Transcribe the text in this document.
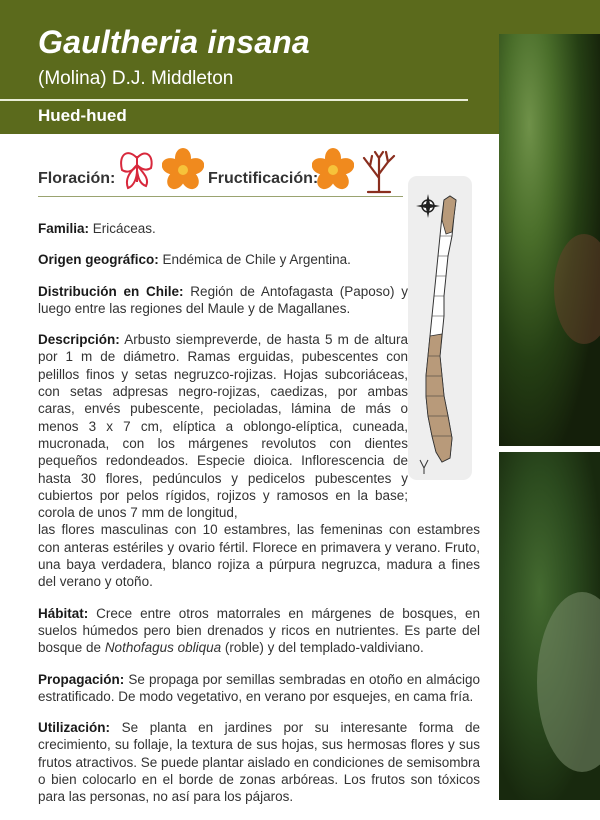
Gaultheria insana
(Molina) D.J. Middleton
Hued-hued
Floración:	Fructificación:

Familia: Ericáceas.

Origen geográfico: Endémica de Chile y Argentina.

Distribución en Chile: Región de Antofagasta (Paposo) y luego entre las regiones del Maule y de Magallanes.

Descripción: Arbusto siempreverde, de hasta 5 m de altura por 1 m de diámetro. Ramas erguidas, pubescentes con pelillos finos y setas negruzco-rojizas. Hojas subcoriáceas, con setas adpresas negro-rojizas, caedizas, por ambas caras, envés pubescente, pecioladas, lámina de más o menos 3 x 7 cm, elíptica a oblongo-elíptica, cuneada, mucronada, con los márgenes revolutos con dientes pequeños redondeados. Especie dioica. Inflorescencia de hasta 30 flores, pedúnculos y pedicelos pubescentes y cubiertos por pelos rígidos, rojizos y ramosos en la base; corola de unos 7 mm de longitud,

las flores masculinas con 10 estambres, las femeninas con estambres con anteras estériles y ovario fértil. Florece en primavera y verano. Fruto, una baya verdadera, blanco rojiza a púrpura negruzca, madura a fines del verano y otoño.

Hábitat: Crece entre otros matorrales en márgenes de bosques, en suelos húmedos pero bien drenados y ricos en nutrientes. Es parte del bosque de Nothofagus obliqua (roble) y del templado-valdiviano.

Propagación: Se propaga por semillas sembradas en otoño en almácigo estratificado. De modo vegetativo, en verano por esquejes, en cama fría.

Utilización: Se planta en jardines por su interesante forma de crecimiento, su follaje, la textura de sus hojas, sus hermosas flores y sus frutos atractivos. Se puede plantar aislado en condiciones de semisombra o bien colocarlo en el borde de zonas arbóreas. Los frutos son tóxicos para las personas, no así para los pájaros.
